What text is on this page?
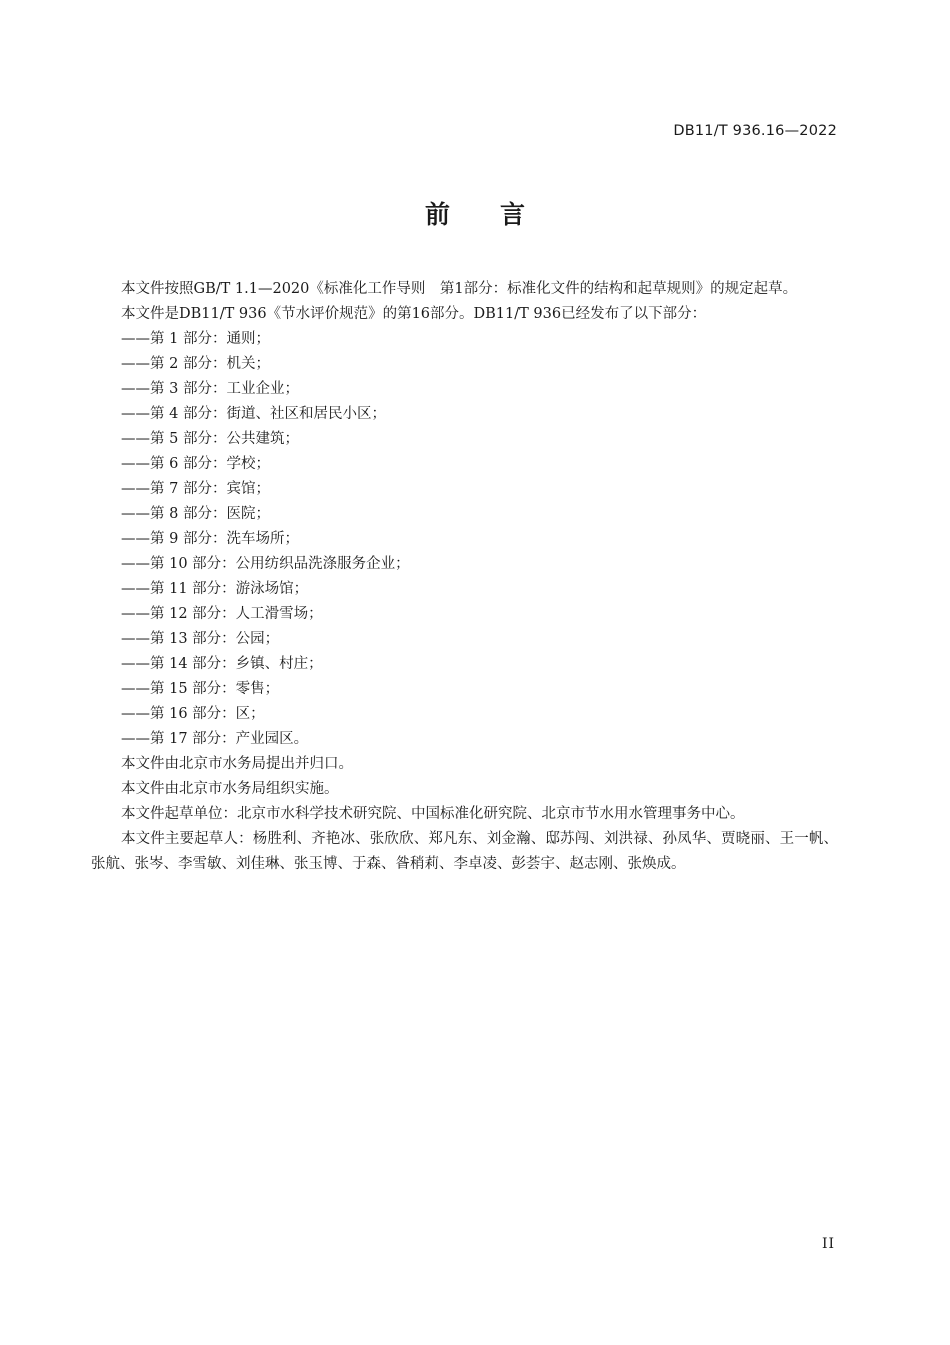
DB11/T 936.16—2022
前 言

本文件按照GB/T 1.1—2020《标准化工作导则　第1部分：标准化文件的结构和起草规则》的规定起草。

本文件是DB11/T 936《节水评价规范》的第16部分。DB11/T 936已经发布了以下部分：

——第 1 部分：通则；
——第 2 部分：机关；
——第 3 部分：工业企业；
——第 4 部分：街道、社区和居民小区；
——第 5 部分：公共建筑；
——第 6 部分：学校；
——第 7 部分：宾馆；
——第 8 部分：医院；
——第 9 部分：洗车场所；
——第 10 部分：公用纺织品洗涤服务企业；
——第 11 部分：游泳场馆；
——第 12 部分：人工滑雪场；
——第 13 部分：公园；
——第 14 部分：乡镇、村庄；
——第 15 部分：零售；
——第 16 部分：区；
——第 17 部分：产业园区。

本文件由北京市水务局提出并归口。

本文件由北京市水务局组织实施。

本文件起草单位：北京市水科学技术研究院、中国标准化研究院、北京市节水用水管理事务中心。

本文件主要起草人：杨胜利、齐艳冰、张欣欣、郑凡东、刘金瀚、邸苏闯、刘洪禄、孙凤华、贾晓丽、王一帆、张航、张岑、李雪敏、刘佳琳、张玉博、于森、昝稍莉、李卓凌、彭荟宇、赵志刚、张焕成。

II
